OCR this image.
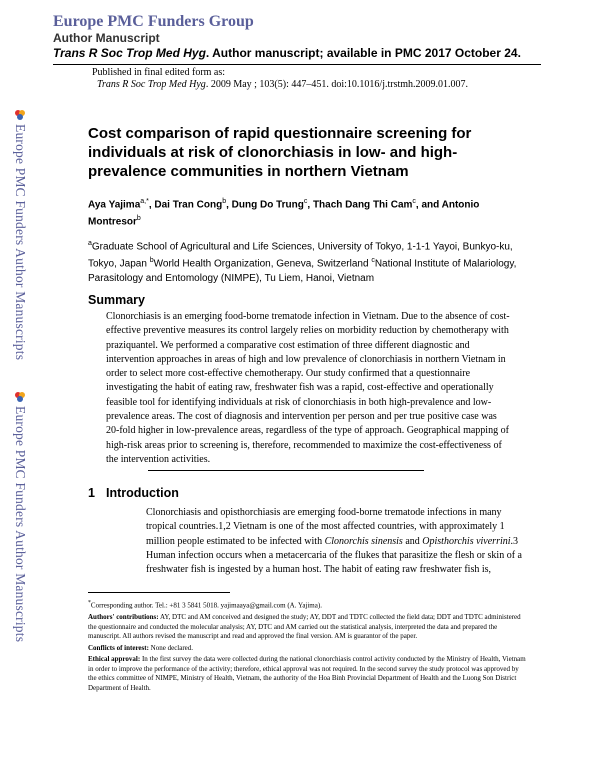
Europe PMC Funders Group
Author Manuscript
Trans R Soc Trop Med Hyg. Author manuscript; available in PMC 2017 October 24.
Published in final edited form as:
Trans R Soc Trop Med Hyg. 2009 May ; 103(5): 447–451. doi:10.1016/j.trstmh.2009.01.007.
Europe PMC Funders Author Manuscripts
Europe PMC Funders Author Manuscripts
Cost comparison of rapid questionnaire screening for individuals at risk of clonorchiasis in low- and high-prevalence communities in northern Vietnam
Aya Yajima$^{a,*}$, Dai Tran Cong$^b$, Dung Do Trung$^c$, Thach Dang Thi Cam$^c$, and Antonio Montresor$^b$
$^a$Graduate School of Agricultural and Life Sciences, University of Tokyo, 1-1-1 Yayoi, Bunkyo-ku, Tokyo, Japan $^b$World Health Organization, Geneva, Switzerland $^c$National Institute of Malariology, Parasitology and Entomology (NIMPE), Tu Liem, Hanoi, Vietnam
Summary
Clonorchiasis is an emerging food-borne trematode infection in Vietnam. Due to the absence of cost-effective preventive measures its control largely relies on morbidity reduction by chemotherapy with praziquantel. We performed a comparative cost estimation of three different diagnostic and intervention approaches in areas of high and low prevalence of clonorchiasis in northern Vietnam in order to select more cost-effective chemotherapy. Our study confirmed that a questionnaire investigating the habit of eating raw, freshwater fish was a rapid, cost-effective and operationally feasible tool for identifying individuals at risk of clonorchiasis in both high-prevalence and low-prevalence areas. The cost of diagnosis and intervention per person and per true positive case was 20-fold higher in low-prevalence areas, regardless of the type of approach. Geographical mapping of high-risk areas prior to screening is, therefore, recommended to maximize the cost-effectiveness of the intervention activities.
1 Introduction
Clonorchiasis and opisthorchiasis are emerging food-borne trematode infections in many tropical countries.1,2 Vietnam is one of the most affected countries, with approximately 1 million people estimated to be infected with Clonorchis sinensis and Opisthorchis viverrini.3 Human infection occurs when a metacercaria of the flukes that parasitize the flesh or skin of a freshwater fish is ingested by a human host. The habit of eating raw freshwater fish is,

*Corresponding author. Tel.: +81 3 5841 5018. yajimaaya@gmail.com (A. Yajima).

Authors' contributions: AY, DTC and AM conceived and designed the study; AY, DDT and TDTC collected the field data; DDT and TDTC administered the questionnaire and conducted the molecular analysis; AY, DTC and AM carried out the statistical analysis, interpreted the data and prepared the manuscript. All authors revised the manuscript and read and approved the final version. AM is guarantor of the paper.

Conflicts of interest: None declared.

Ethical approval: In the first survey the data were collected during the national clonorchiasis control activity conducted by the Ministry of Health, Vietnam in order to improve the performance of the activity; therefore, ethical approval was not required. In the second survey the study protocol was approved by the ethics committee of NIMPE, Ministry of Health, Vietnam, the authority of the Hoa Binh Provincial Department of Health and the Luong Son District Department of Health.
